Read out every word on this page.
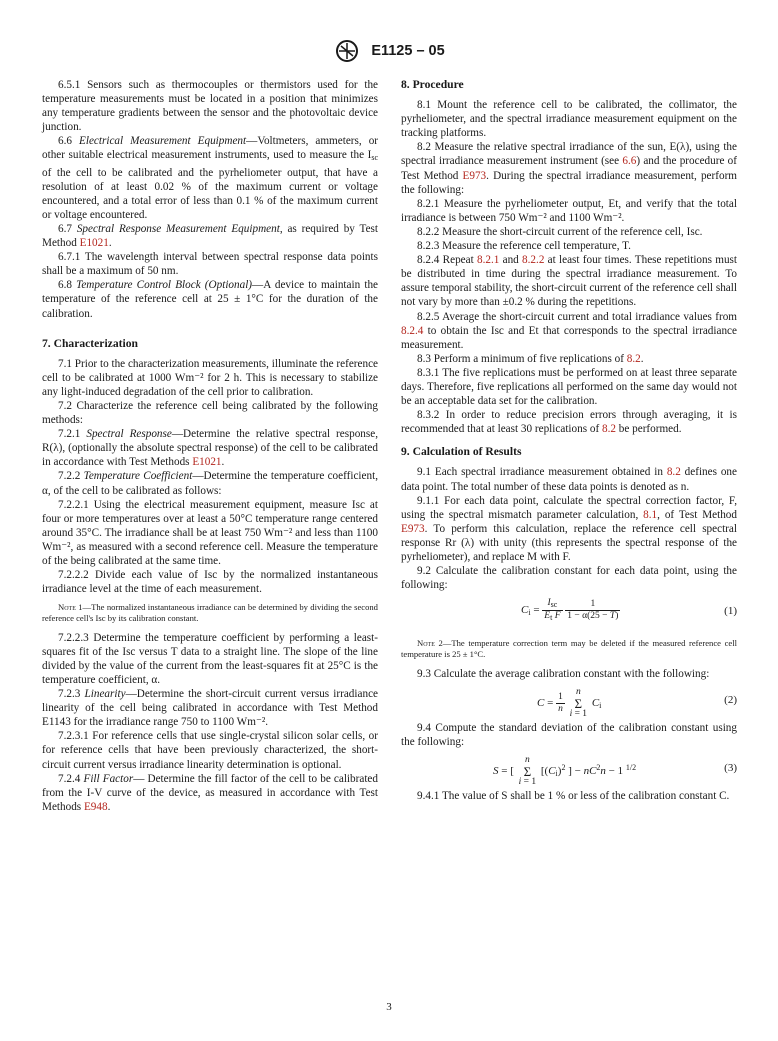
E1125 – 05

6.5.1 Sensors such as thermocouples or thermistors used for the temperature measurements must be located in a position that minimizes any temperature gradients between the sensor and the photovoltaic device junction.

6.6 Electrical Measurement Equipment—Voltmeters, ammeters, or other suitable electrical measurement instruments, used to measure the $I_{sc}$ of the cell to be calibrated and the pyrheliometer output, that have a resolution of at least 0.02 % of the maximum current or voltage encountered, and a total error of less than 0.1 % of the maximum current or voltage encountered.

6.7 Spectral Response Measurement Equipment, as required by Test Method E1021.

6.7.1 The wavelength interval between spectral response data points shall be a maximum of 50 nm.

6.8 Temperature Control Block (Optional)—A device to maintain the temperature of the reference cell at 25 ± 1°C for the duration of the calibration.

7. Characterization

7.1 Prior to the characterization measurements, illuminate the reference cell to be calibrated at 1000 Wm⁻² for 2 h. This is necessary to stabilize any light-induced degradation of the cell prior to calibration.

7.2 Characterize the reference cell being calibrated by the following methods:

7.2.1 Spectral Response—Determine the relative spectral response, R(λ), (optionally the absolute spectral response) of the cell to be calibrated in accordance with Test Methods E1021.

7.2.2 Temperature Coefficient—Determine the temperature coefficient, α, of the cell to be calibrated as follows:

7.2.2.1 Using the electrical measurement equipment, measure Isc at four or more temperatures over at least a 50°C temperature range centered around 35°C. The irradiance shall be at least 750 Wm⁻² and less than 1100 Wm⁻², as measured with a second reference cell. Measure the temperature of the being calibrated at the same time.

7.2.2.2 Divide each value of Isc by the normalized instantaneous irradiance level at the time of each measurement.

Note 1—The normalized instantaneous irradiance can be determined by dividing the second reference cell's Isc by its calibration constant.

7.2.2.3 Determine the temperature coefficient by performing a least-squares fit of the Isc versus T data to a straight line. The slope of the line divided by the value of the current from the least-squares fit at 25°C is the temperature coefficient, α.

7.2.3 Linearity—Determine the short-circuit current versus irradiance linearity of the cell being calibrated in accordance with Test Method E1143 for the irradiance range 750 to 1100 Wm⁻².

7.2.3.1 For reference cells that use single-crystal silicon solar cells, or for reference cells that have been previously characterized, the short-circuit current versus irradiance linearity determination is optional.

7.2.4 Fill Factor— Determine the fill factor of the cell to be calibrated from the I-V curve of the device, as measured in accordance with Test Methods E948.

8. Procedure

8.1 Mount the reference cell to be calibrated, the collimator, the pyrheliometer, and the spectral irradiance measurement equipment on the tracking platforms.

8.2 Measure the relative spectral irradiance of the sun, E(λ), using the spectral irradiance measurement instrument (see 6.6) and the procedure of Test Method E973. During the spectral irradiance measurement, perform the following:

8.2.1 Measure the pyrheliometer output, Et, and verify that the total irradiance is between 750 Wm⁻² and 1100 Wm⁻².

8.2.2 Measure the short-circuit current of the reference cell, Isc.

8.2.3 Measure the reference cell temperature, T.

8.2.4 Repeat 8.2.1 and 8.2.2 at least four times. These repetitions must be distributed in time during the spectral irradiance measurement. To assure temporal stability, the short-circuit current of the reference cell shall not vary by more than ±0.2 % during the repetitions.

8.2.5 Average the short-circuit current and total irradiance values from 8.2.4 to obtain the Isc and Et that corresponds to the spectral irradiance measurement.

8.3 Perform a minimum of five replications of 8.2.

8.3.1 The five replications must be performed on at least three separate days. Therefore, five replications all performed on the same day would not be an acceptable data set for the calibration.

8.3.2 In order to reduce precision errors through averaging, it is recommended that at least 30 replications of 8.2 be performed.

9. Calculation of Results

9.1 Each spectral irradiance measurement obtained in 8.2 defines one data point. The total number of these data points is denoted as n.

9.1.1 For each data point, calculate the spectral correction factor, F, using the spectral mismatch parameter calculation, 8.1, of Test Method E973. To perform this calculation, replace the reference cell spectral response Rr (λ) with unity (this represents the spectral response of the pyrheliometer), and replace M with F.

9.2 Calculate the calibration constant for each data point, using the following:

$C_i = \frac{I_{sc}}{E_t F}$
$\frac{1}{1 - \alpha(25 - T)}$	(1)

Note 2—The temperature correction term may be deleted if the measured reference cell temperature is 25 ± 1°C.

9.3 Calculate the average calibration constant with the following:

$C = \frac{1}{n}$
	n
Σ
i = 1
$C_i$	(2)

9.4 Compute the standard deviation of the calibration constant using the following:

S = [
n
Σ
i = 1
[$(C_i)^2$ ] − $nC^2n - 1$ $^{1/2}$	(3)

9.4.1 The value of S shall be 1 % or less of the calibration constant C.

3
